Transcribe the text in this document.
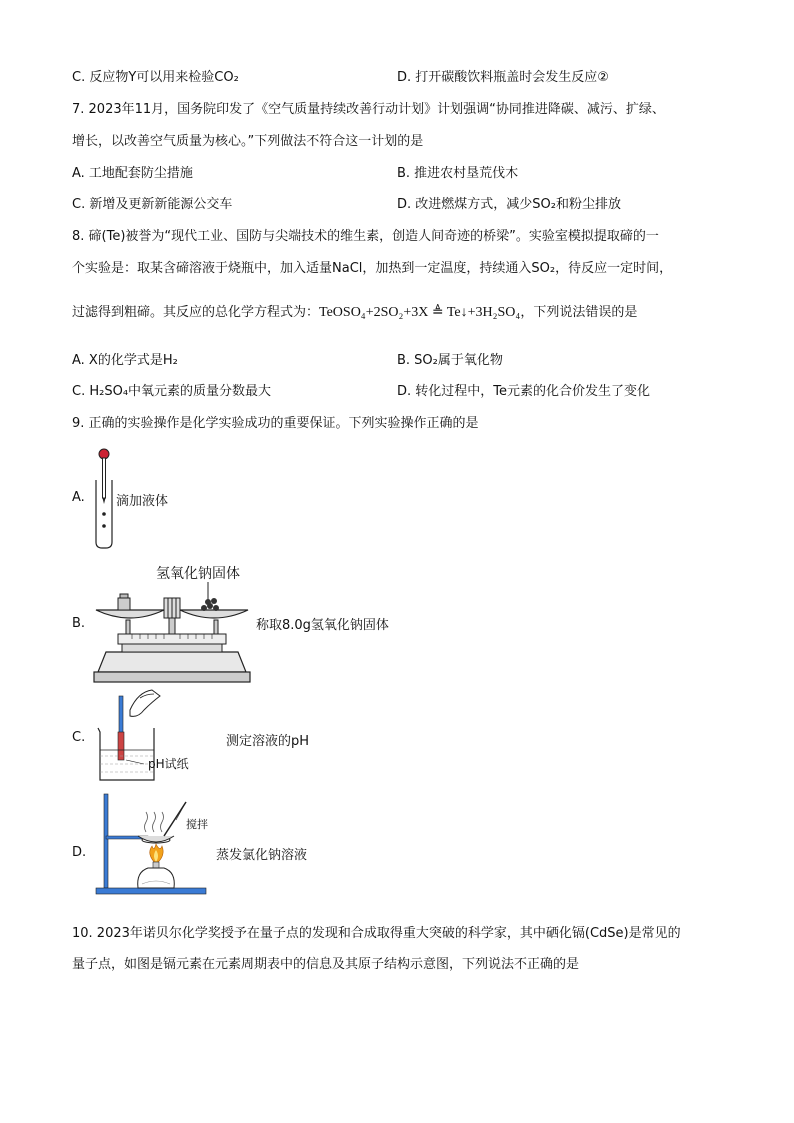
C. 反应物Y可以用来检验CO₂	D. 打开碳酸饮料瓶盖时会发生反应②
7. 2023年11月，国务院印发了《空气质量持续改善行动计划》计划强调“协同推进降碳、减污、扩绿、
增长，以改善空气质量为核心。”下列做法不符合这一计划的是
A. 工地配套防尘措施	B. 推进农村垦荒伐木
C. 新增及更新新能源公交车	D. 改进燃煤方式，减少SO₂和粉尘排放
8. 碲(Te)被誉为“现代工业、国防与尖端技术的维生素，创造人间奇迹的桥梁”。实验室模拟提取碲的一
个实验是：取某含碲溶液于烧瓶中，加入适量NaCl，加热到一定温度，持续通入SO₂，待反应一定时间，
过滤得到粗碲。其反应的总化学方程式为：TeOSO₄+2SO₂+3X ≜ Te↓+3H₂SO₄，下列说法错误的是
A. X的化学式是H₂	B. SO₂属于氧化物
C. H₂SO₄中氧元素的质量分数最大	D. 转化过程中，Te元素的化合价发生了变化
9. 正确的实验操作是化学实验成功的重要保证。下列实验操作正确的是
A. 滴加液体
B.
氢氧化钠固体
称取8.0g氢氧化钠固体
C.
pH试纸
测定溶液的pH
D.
搅拌
蒸发氯化钠溶液
10. 2023年诺贝尔化学奖授予在量子点的发现和合成取得重大突破的科学家，其中硒化镉(CdSe)是常见的
量子点，如图是镉元素在元素周期表中的信息及其原子结构示意图，下列说法不正确的是
